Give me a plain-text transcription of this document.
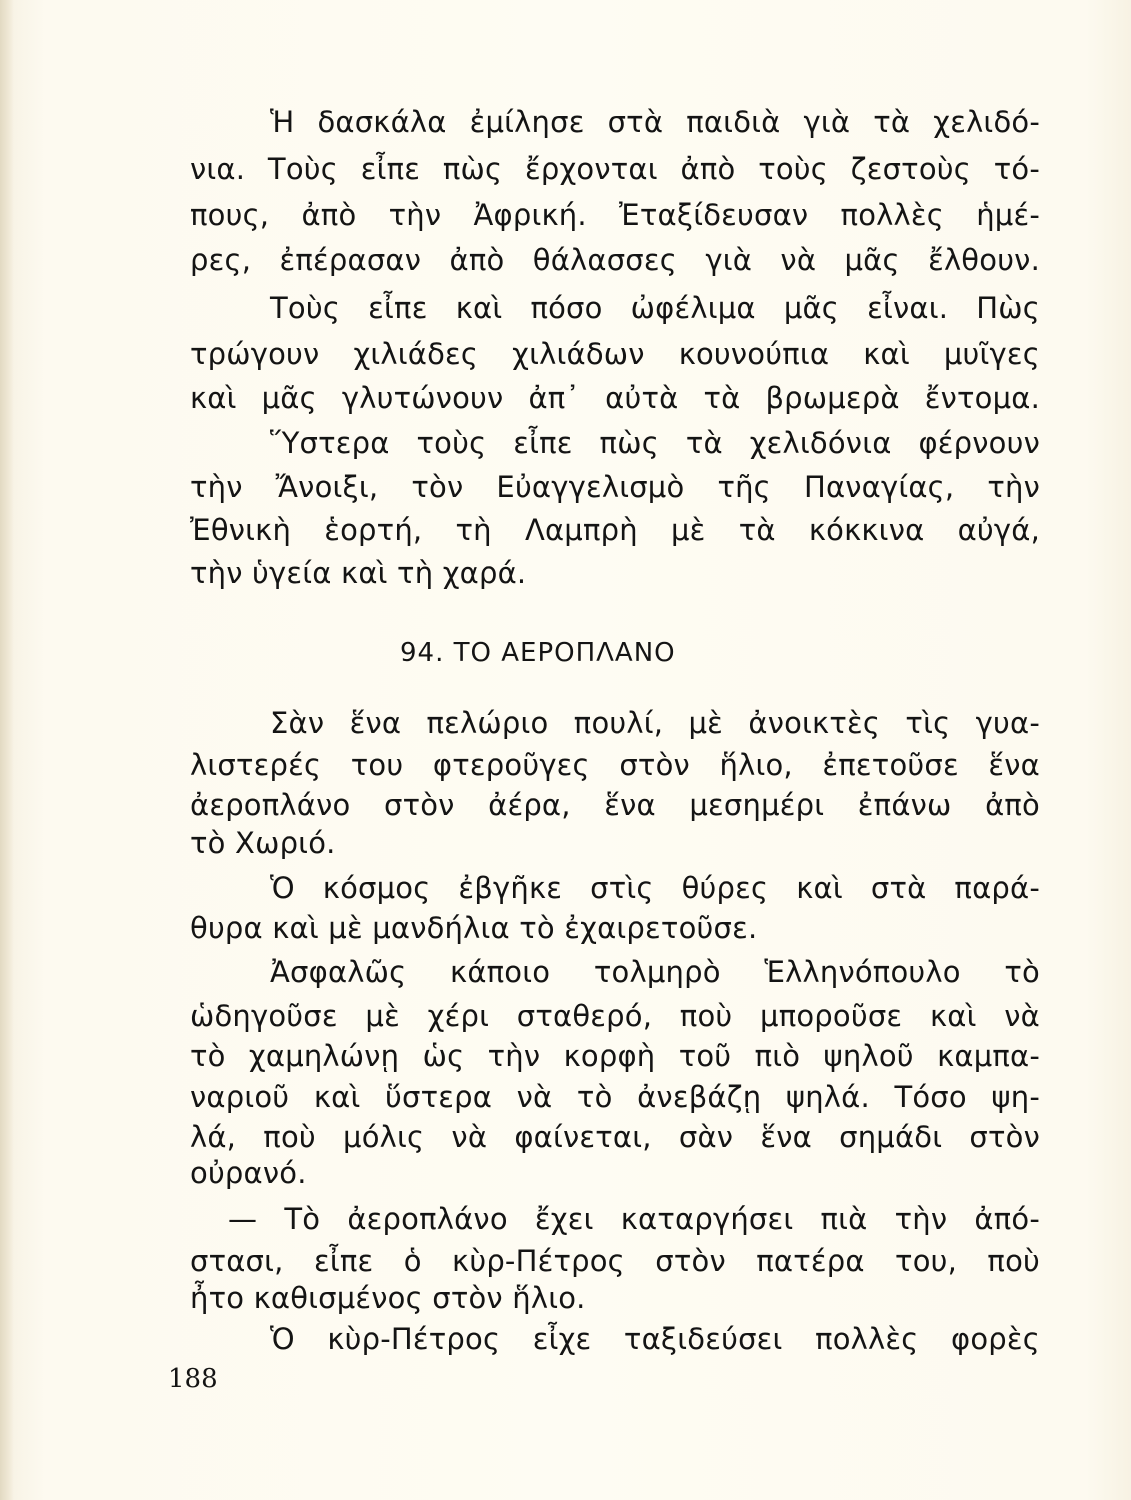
Ἡ δασκάλα ἐμίλησε στὰ παιδιὰ γιὰ τὰ χελιδό-
νια. Τοὺς εἶπε πὼς ἔρχονται ἀπὸ τοὺς ζεστοὺς τό-
πους, ἀπὸ τὴν Ἀφρική. Ἐταξίδευσαν πολλὲς ἡμέ-
ρες, ἐπέρασαν ἀπὸ θάλασσες γιὰ νὰ μᾶς ἔλθουν.
Τοὺς εἶπε καὶ πόσο ὠφέλιμα μᾶς εἶναι. Πὼς
τρώγουν χιλιάδες χιλιάδων κουνούπια καὶ μυῖγες
καὶ μᾶς γλυτώνουν ἀπ᾽ αὐτὰ τὰ βρωμερὰ ἔντομα.
Ὕστερα τοὺς εἶπε πὼς τὰ χελιδόνια φέρνουν
τὴν Ἄνοιξι, τὸν Εὐαγγελισμὸ τῆς Παναγίας, τὴν
Ἐθνικὴ ἑορτή, τὴ Λαμπρὴ μὲ τὰ κόκκινα αὐγά,
τὴν ὑγεία καὶ τὴ χαρά.
94. ΤΟ ΑΕΡΟΠΛΑΝΟ
Σὰν ἕνα πελώριο πουλί, μὲ ἀνοικτὲς τὶς γυα-
λιστερές του φτεροῦγες στὸν ἥλιο, ἐπετοῦσε ἕνα
ἀεροπλάνο στὸν ἀέρα, ἕνα μεσημέρι ἐπάνω ἀπὸ
τὸ Χωριό.
Ὁ κόσμος ἐβγῆκε στὶς θύρες καὶ στὰ παρά-
θυρα καὶ μὲ μανδήλια τὸ ἐχαιρετοῦσε.
Ἀσφαλῶς κάποιο τολμηρὸ Ἑλληνόπουλο τὸ
ὡδηγοῦσε μὲ χέρι σταθερό, ποὺ μποροῦσε καὶ νὰ
τὸ χαμηλώνῃ ὡς τὴν κορφὴ τοῦ πιὸ ψηλοῦ καμπα-
ναριοῦ καὶ ὕστερα νὰ τὸ ἀνεβάζῃ ψηλά. Τόσο ψη-
λά, ποὺ μόλις νὰ φαίνεται, σὰν ἕνα σημάδι στὸν
οὐρανό.
— Τὸ ἀεροπλάνο ἔχει καταργήσει πιὰ τὴν ἀπό-
στασι, εἶπε ὁ κὺρ-Πέτρος στὸν πατέρα του, ποὺ
ἦτο καθισμένος στὸν ἥλιο.
Ὁ κὺρ-Πέτρος εἶχε ταξιδεύσει πολλὲς φορὲς
188
